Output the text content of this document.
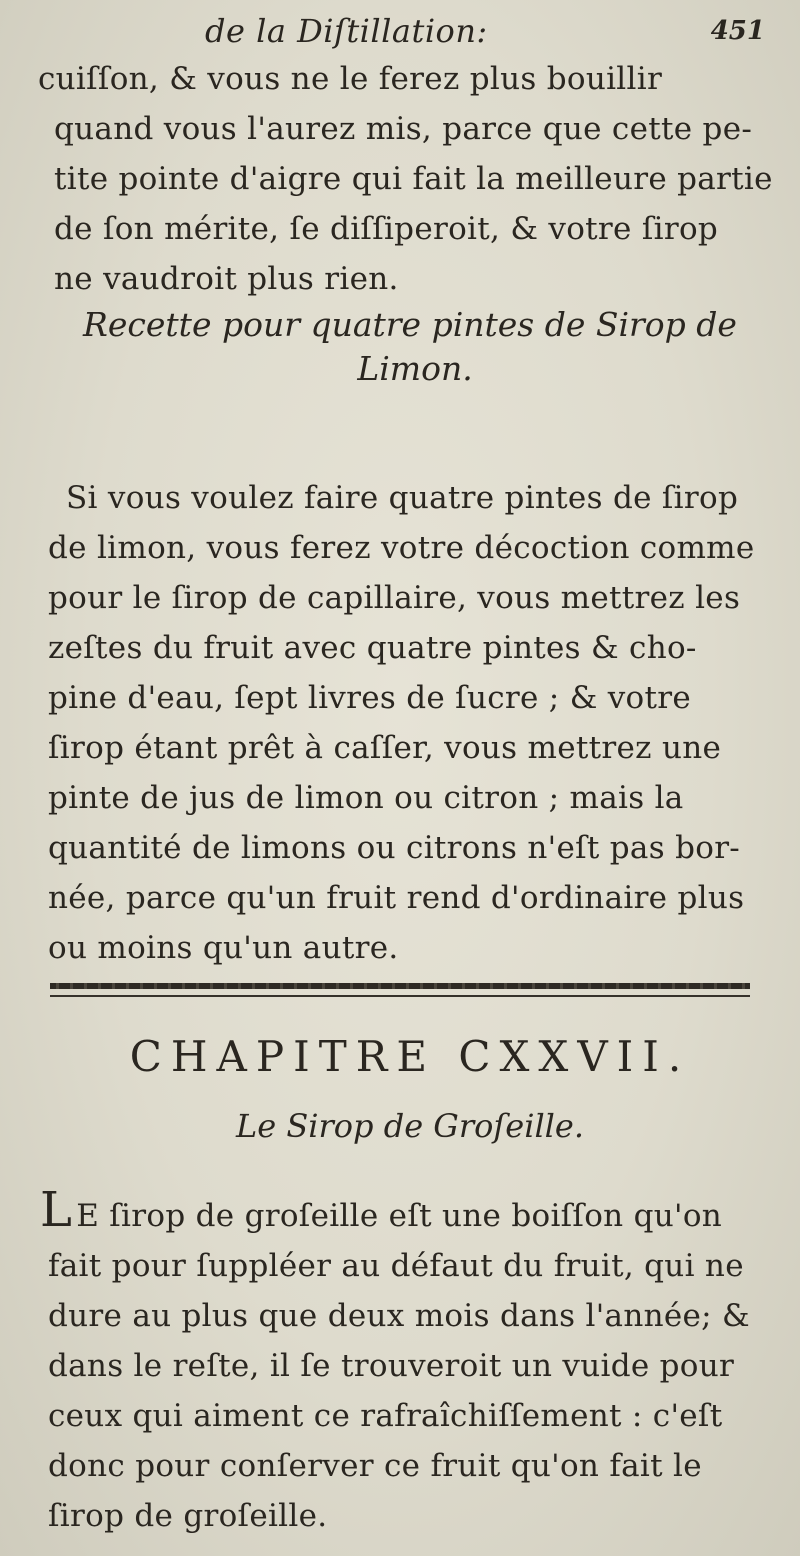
de la Diſtillation:	451

cuiſſon, & vous ne le ferez plus bouillir
quand vous l'aurez mis, parce que cette pe-
tite pointe d'aigre qui fait la meilleure partie
de ſon mérite, ſe diſſiperoit, & votre ſirop
ne vaudroit plus rien.

Recette pour quatre pintes de Sirop de
Limon.

Si vous voulez faire quatre pintes de ſirop
de limon, vous ferez votre décoction comme
pour le ſirop de capillaire, vous mettrez les
zeſtes du fruit avec quatre pintes & cho-
pine d'eau, ſept livres de ſucre ; & votre
ſirop étant prêt à caſſer, vous mettrez une
pinte de jus de limon ou citron ; mais la
quantité de limons ou citrons n'eſt pas bor-
née, parce qu'un fruit rend d'ordinaire plus
ou moins qu'un autre.

CHAPITRE CXXVII.
Le Sirop de Groſeille.

L E ſirop de groſeille eſt une boiſſon qu'on
fait pour ſuppléer au défaut du fruit, qui ne
dure au plus que deux mois dans l'année; &
dans le reſte, il ſe trouveroit un vuide pour
ceux qui aiment ce rafraîchiſſement : c'eſt
donc pour conſerver ce fruit qu'on fait le
ſirop de groſeille.
